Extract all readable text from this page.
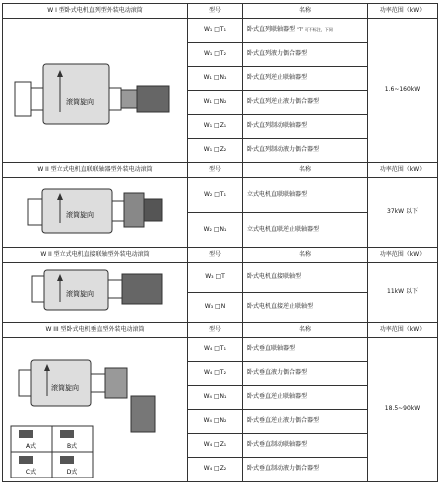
W I 型卧式电机直列型外装电动滚筒	型号	名称	功率范围（kW）

滚筒旋向	W₁ □T₁	卧式直列联轴器型 “T” 可不标注，下同	1.6~160kW
	W₁ □T₂	卧式直列液力偶合器型	
	W₁ □N₁	卧式直列逆止联轴器型	
	W₁ □N₂	卧式直列逆止液力偶合器型	
	W₁ □Z₁	卧式直列制动联轴器型	
	W₁ □Z₂	卧式直列制动液力偶合器型	
W II 型立式电机直联联轴器型外装电动滚筒	型号	名称	功率范围（kW）

滚筒旋向	W₂ □T₁	立式电机直联联轴器型	37kW 以下
	W₂ □N₁	立式电机直联逆止联轴器型	
W II 型立式电机直接联轴型外装电动滚筒	型号	名称	功率范围（kW）

滚筒旋向	W₃ □T	卧式电机直接联轴型	11kW 以下
	W₃ □N	卧式电机直接逆止联轴型	
W III 型卧式电机垂直型外装电动滚筒	型号	名称	功率范围（kW）

滚筒旋向
A式 B式
C式 D式	W₄ □T₁	卧式垂直联轴器型	18.5~90kW
	W₄ □T₂	卧式垂直液力偶合器型	
	W₄ □N₁	卧式垂直逆止联轴器型	
	W₄ □N₂	卧式垂直逆止液力偶合器型	
	W₄ □Z₁	卧式垂直制动联轴器型	
	W₄ □Z₂	卧式垂直制动液力偶合器型	
